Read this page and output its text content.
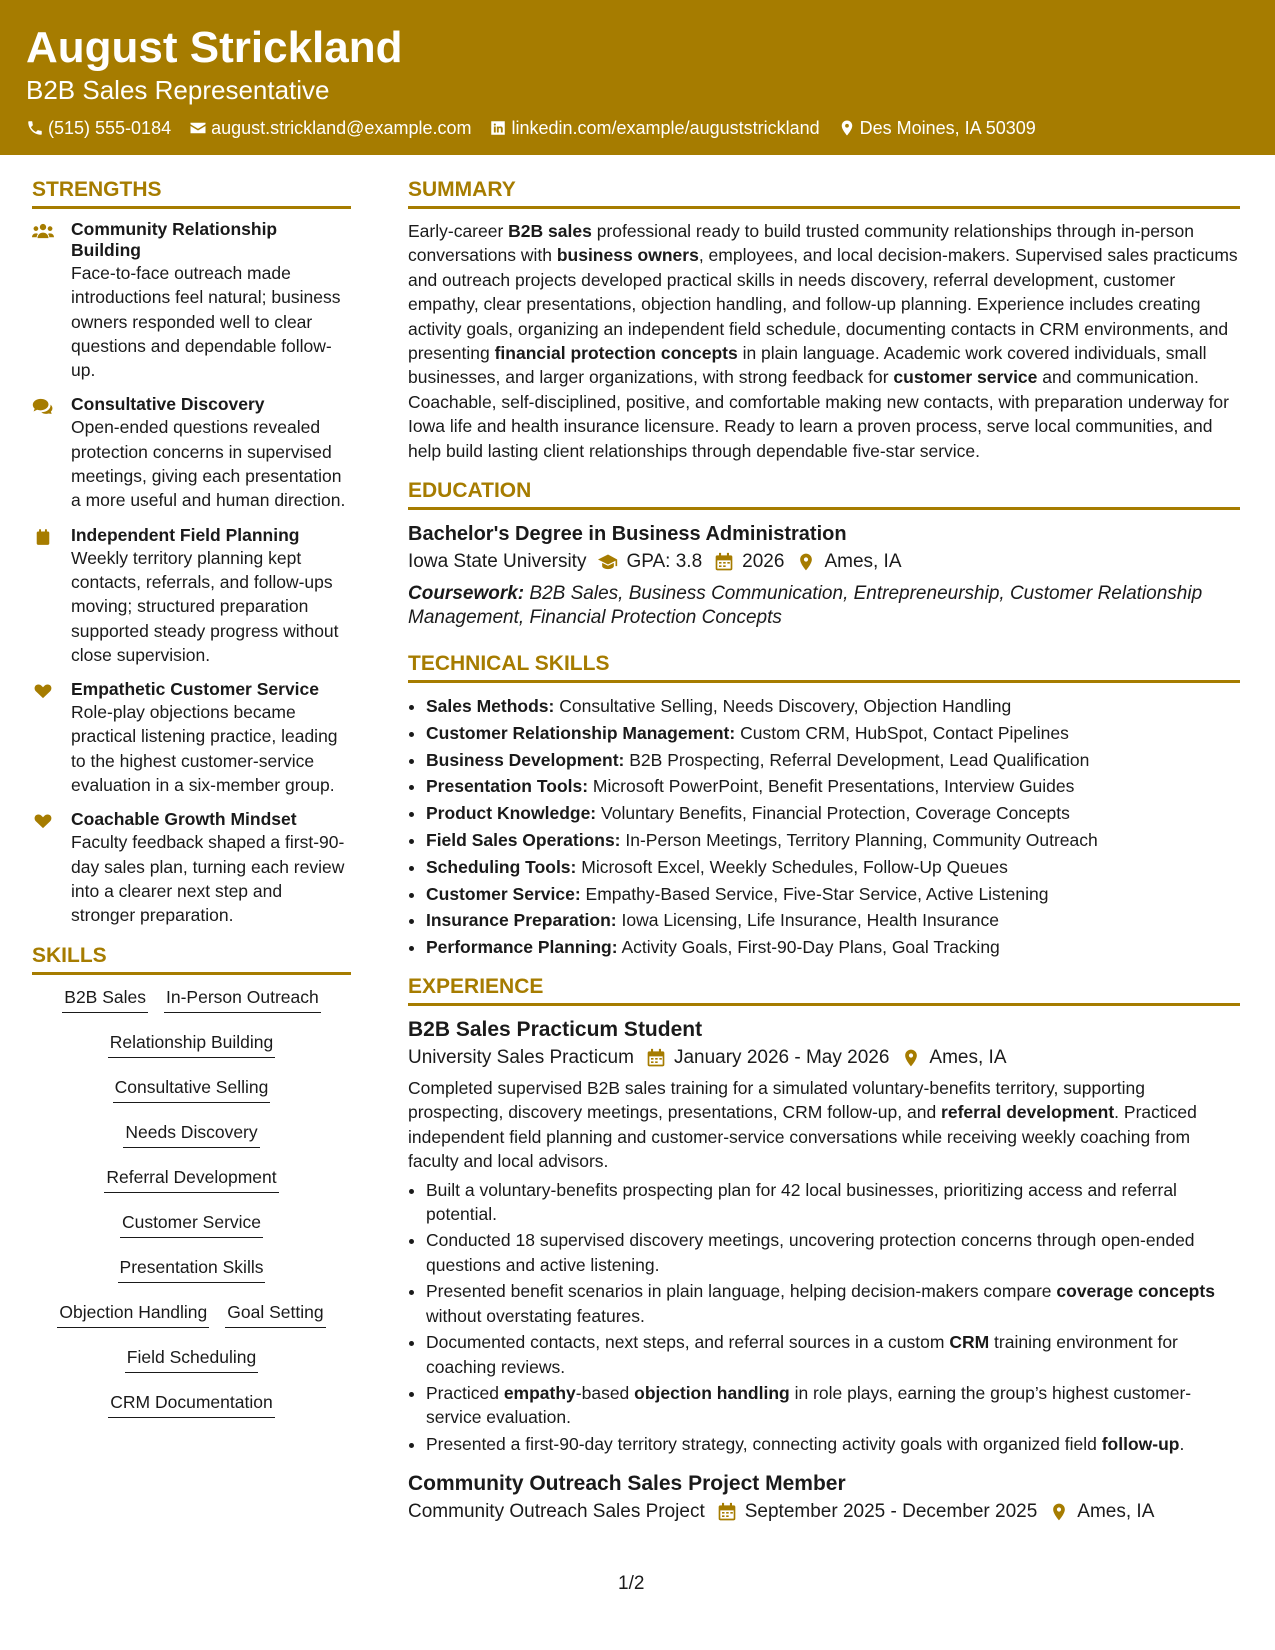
August Strickland
B2B Sales Representative
(515) 555-0184 august.strickland@example.com linkedin.com/example/auguststrickland Des Moines, IA 50309
STRENGTHS
Community Relationship Building
Face-to-face outreach made introductions feel natural; business owners responded well to clear questions and dependable follow-up.
Consultative Discovery
Open-ended questions revealed protection concerns in supervised meetings, giving each presentation a more useful and human direction.
Independent Field Planning
Weekly territory planning kept contacts, referrals, and follow-ups moving; structured preparation supported steady progress without close supervision.
Empathetic Customer Service
Role-play objections became practical listening practice, leading to the highest customer-service evaluation in a six-member group.
Coachable Growth Mindset
Faculty feedback shaped a first-90-day sales plan, turning each review into a clearer next step and stronger preparation.
SKILLS
B2B Sales In-Person Outreach
Relationship Building
Consultative Selling
Needs Discovery
Referral Development
Customer Service
Presentation Skills
Objection Handling Goal Setting
Field Scheduling
CRM Documentation
SUMMARY
Early-career B2B sales professional ready to build trusted community relationships through in-person conversations with business owners, employees, and local decision-makers. Supervised sales practicums and outreach projects developed practical skills in needs discovery, referral development, customer empathy, clear presentations, objection handling, and follow-up planning. Experience includes creating activity goals, organizing an independent field schedule, documenting contacts in CRM environments, and presenting financial protection concepts in plain language. Academic work covered individuals, small businesses, and larger organizations, with strong feedback for customer service and communication. Coachable, self-disciplined, positive, and comfortable making new contacts, with preparation underway for Iowa life and health insurance licensure. Ready to learn a proven process, serve local communities, and help build lasting client relationships through dependable five-star service.
EDUCATION
Bachelor's Degree in Business Administration
Iowa State University GPA: 3.8 2026 Ames, IA
Coursework: B2B Sales, Business Communication, Entrepreneurship, Customer Relationship Management, Financial Protection Concepts
TECHNICAL SKILLS
• Sales Methods: Consultative Selling, Needs Discovery, Objection Handling
• Customer Relationship Management: Custom CRM, HubSpot, Contact Pipelines
• Business Development: B2B Prospecting, Referral Development, Lead Qualification
• Presentation Tools: Microsoft PowerPoint, Benefit Presentations, Interview Guides
• Product Knowledge: Voluntary Benefits, Financial Protection, Coverage Concepts
• Field Sales Operations: In-Person Meetings, Territory Planning, Community Outreach
• Scheduling Tools: Microsoft Excel, Weekly Schedules, Follow-Up Queues
• Customer Service: Empathy-Based Service, Five-Star Service, Active Listening
• Insurance Preparation: Iowa Licensing, Life Insurance, Health Insurance
• Performance Planning: Activity Goals, First-90-Day Plans, Goal Tracking
EXPERIENCE
B2B Sales Practicum Student
University Sales Practicum January 2026 - May 2026 Ames, IA
Completed supervised B2B sales training for a simulated voluntary-benefits territory, supporting prospecting, discovery meetings, presentations, CRM follow-up, and referral development. Practiced independent field planning and customer-service conversations while receiving weekly coaching from faculty and local advisors.
• Built a voluntary-benefits prospecting plan for 42 local businesses, prioritizing access and referral potential.
• Conducted 18 supervised discovery meetings, uncovering protection concerns through open-ended questions and active listening.
• Presented benefit scenarios in plain language, helping decision-makers compare coverage concepts without overstating features.
• Documented contacts, next steps, and referral sources in a custom CRM training environment for coaching reviews.
• Practiced empathy-based objection handling in role plays, earning the group’s highest customer-service evaluation.
• Presented a first-90-day territory strategy, connecting activity goals with organized field follow-up.
Community Outreach Sales Project Member
Community Outreach Sales Project September 2025 - December 2025 Ames, IA
1/2
